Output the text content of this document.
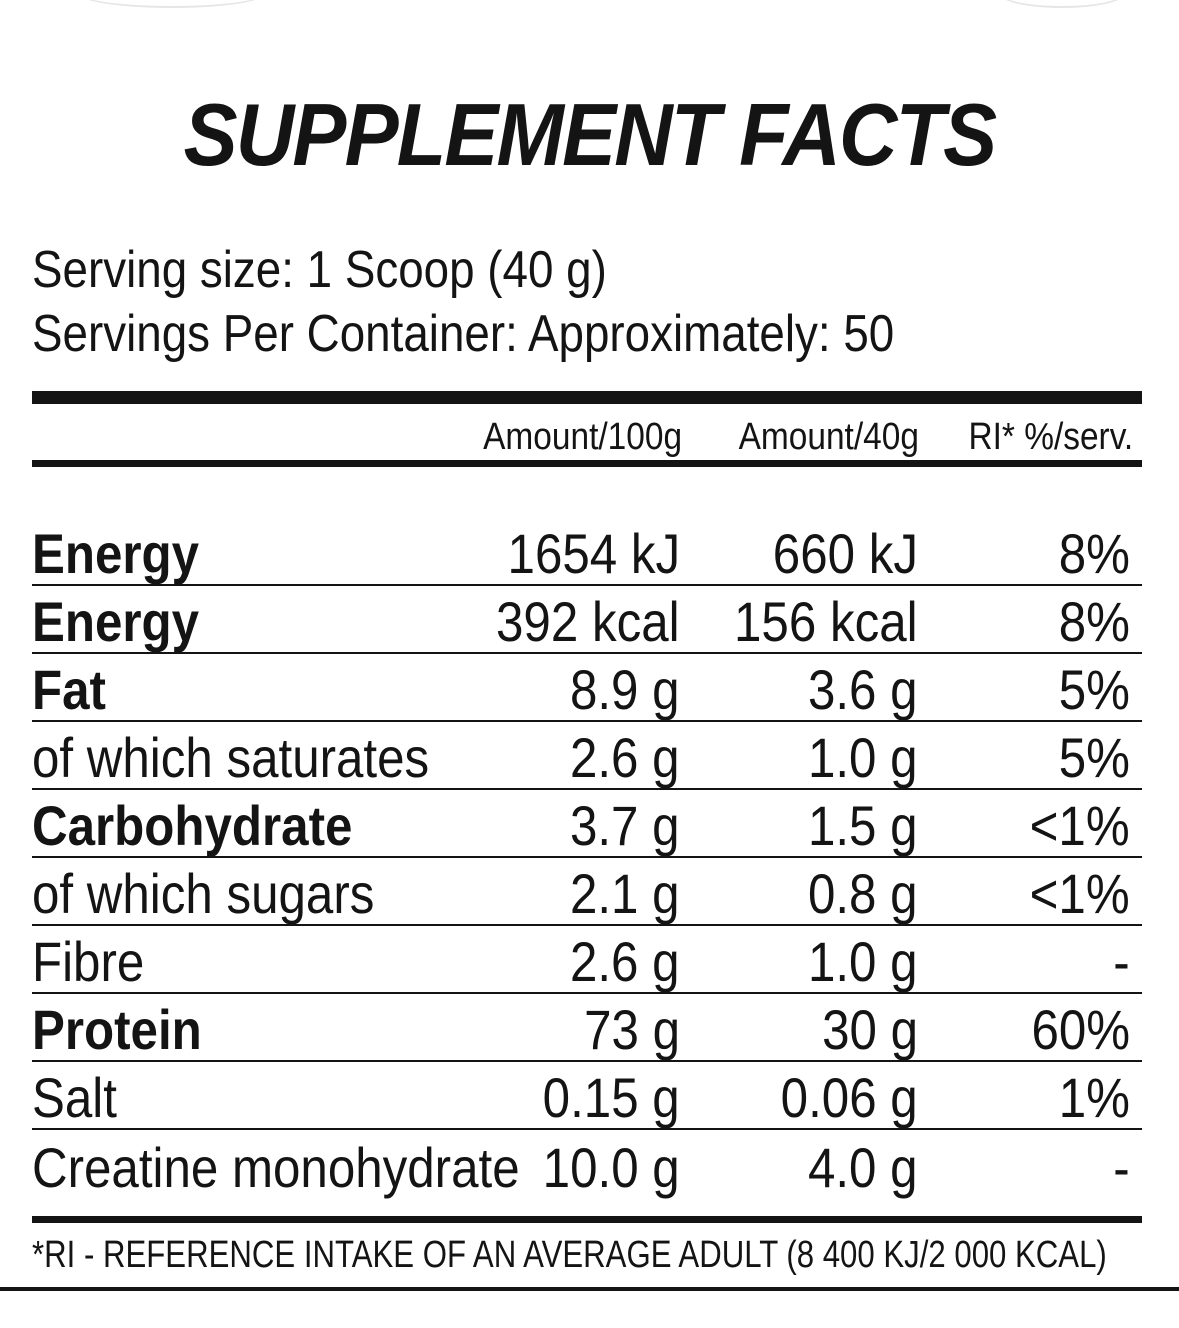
SUPPLEMENT FACTS
Serving size: 1 Scoop (40 g)
Servings Per Container: Approximately: 50
Amount/100g Amount/40g RI* %/serv.
Energy	1654 kJ 660 kJ	8%
Energy	392 kcal 156 kcal	8%
Fat	8.9 g 3.6 g	5%
of which saturates	2.6 g 1.0 g	5%
Carbohydrate	3.7 g 1.5 g <1%
of which sugars	2.1 g 0.8 g <1%
Fibre	2.6 g 1.0 g	-
Protein	73 g	30 g 60%
Salt	0.15 g 0.06 g	1%
Creatine monohydrate 10.0 g 4.0 g	-
*RI - REFERENCE INTAKE OF AN AVERAGE ADULT (8 400 KJ/2 000 KCAL)
